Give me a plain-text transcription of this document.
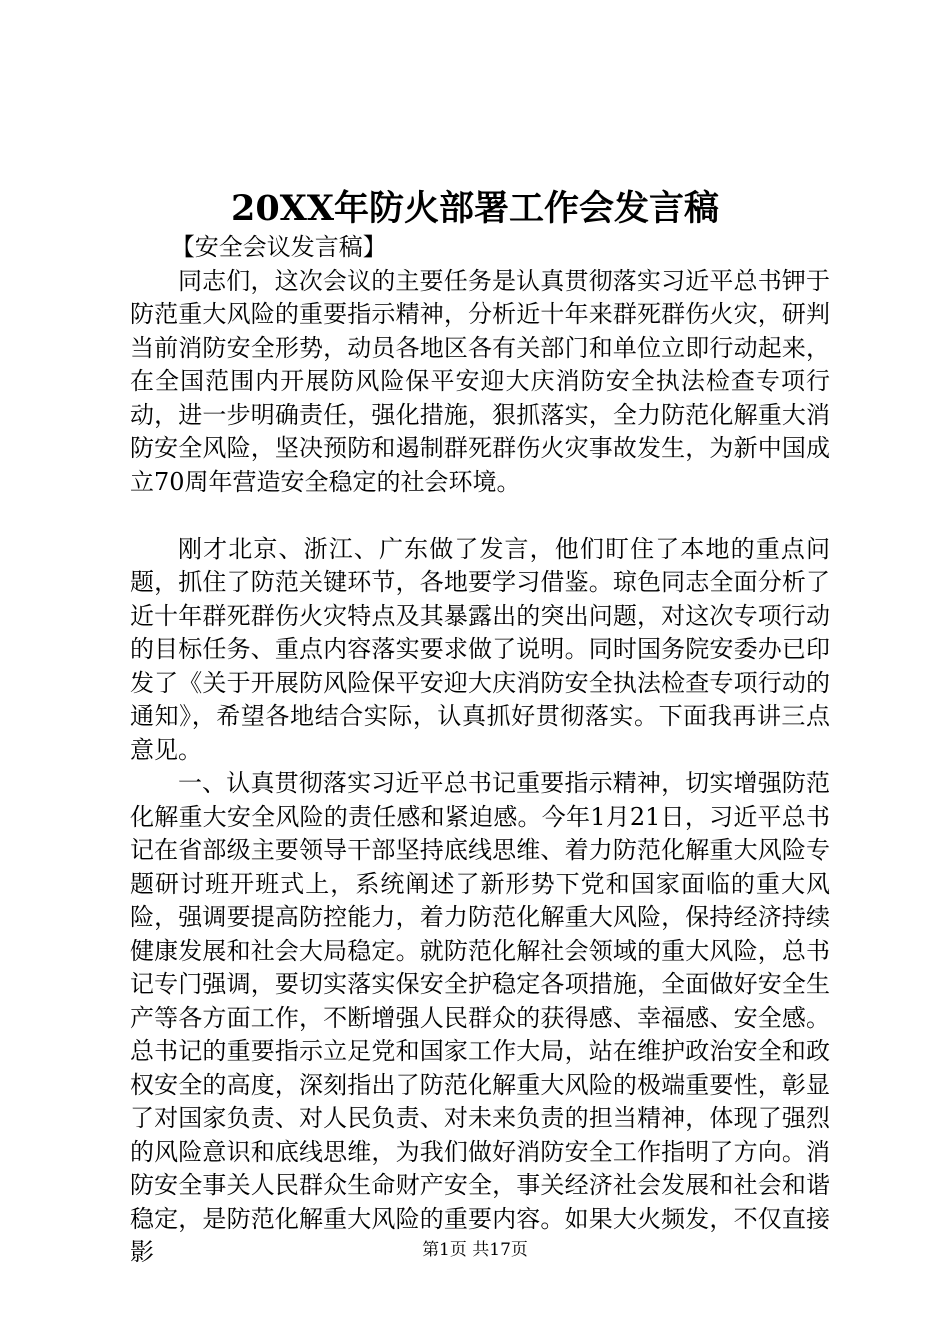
20XX年防火部署工作会发言稿

【安全会议发言稿】

同志们，这次会议的主要任务是认真贯彻落实习近平总书钾于防范重大风险的重要指示精神，分析近十年来群死群伤火灾，研判当前消防安全形势，动员各地区各有关部门和单位立即行动起来，在全国范围内开展防风险保平安迎大庆消防安全执法检查专项行动，进一步明确责任，强化措施，狠抓落实，全力防范化解重大消防安全风险，坚决预防和遏制群死群伤火灾事故发生，为新中国成立70周年营造安全稳定的社会环境。

刚才北京、浙江、广东做了发言，他们盯住了本地的重点问题，抓住了防范关键环节，各地要学习借鉴。琼色同志全面分析了近十年群死群伤火灾特点及其暴露出的突出问题，对这次专项行动的目标任务、重点内容落实要求做了说明。同时国务院安委办已印发了《关于开展防风险保平安迎大庆消防安全执法检查专项行动的通知》，希望各地结合实际，认真抓好贯彻落实。下面我再讲三点意见。

一、认真贯彻落实习近平总书记重要指示精神，切实增强防范化解重大安全风险的责任感和紧迫感。今年1月21日，习近平总书记在省部级主要领导干部坚持底线思维、着力防范化解重大风险专题研讨班开班式上，系统阐述了新形势下党和国家面临的重大风险，强调要提高防控能力，着力防范化解重大风险，保持经济持续健康发展和社会大局稳定。就防范化解社会领域的重大风险，总书记专门强调，要切实落实保安全护稳定各项措施，全面做好安全生产等各方面工作，不断增强人民群众的获得感、幸福感、安全感。总书记的重要指示立足党和国家工作大局，站在维护政治安全和政权安全的高度，深刻指出了防范化解重大风险的极端重要性，彰显了对国家负责、对人民负责、对未来负责的担当精神，体现了强烈的风险意识和底线思维，为我们做好消防安全工作指明了方向。消防安全事关人民群众生命财产安全，事关经济社会发展和社会和谐稳定，是防范化解重大风险的重要内容。如果大火频发，不仅直接影	第1页 共17页
